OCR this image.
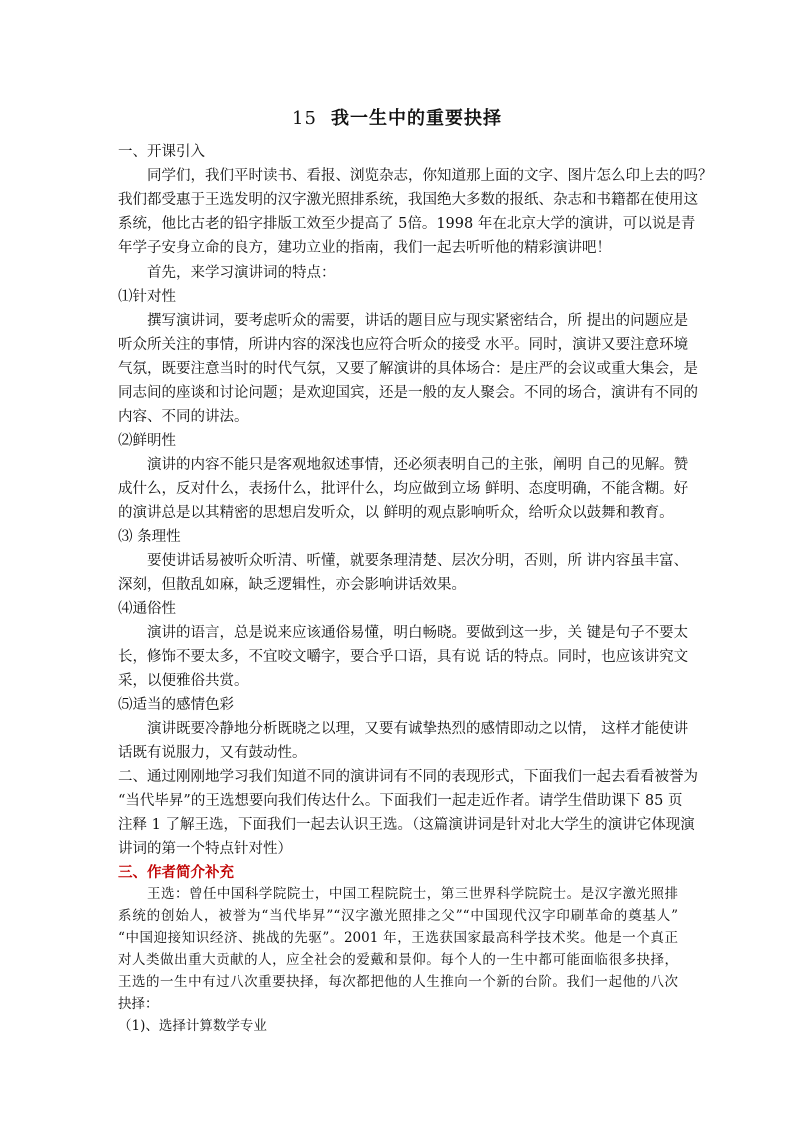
15 我一生中的重要抉择
一、开课引入
同学们，我们平时读书、看报、浏览杂志，你知道那上面的文字、图片怎么印上去的吗？
我们都受惠于王选发明的汉字激光照排系统，我国绝大多数的报纸、杂志和书籍都在使用这
系统，他比古老的铅字排版工效至少提高了 5倍。1998 年在北京大学的演讲，可以说是青
年学子安身立命的良方，建功立业的指南，我们一起去听听他的精彩演讲吧！
首先，来学习演讲词的特点：
⑴针对性
撰写演讲词，要考虑听众的需要，讲话的题目应与现实紧密结合，所 提出的问题应是
听众所关注的事情，所讲内容的深浅也应符合听众的接受 水平。同时，演讲又要注意环境
气氛，既要注意当时的时代气氛，又要了解演讲的具体场合：是庄严的会议或重大集会，是
同志间的座谈和讨论问题；是欢迎国宾，还是一般的友人聚会。不同的场合，演讲有不同的
内容、不同的讲法。
⑵鲜明性
演讲的内容不能只是客观地叙述事情，还必须表明自己的主张，阐明 自己的见解。赞
成什么，反对什么，表扬什么，批评什么，均应做到立场 鲜明、态度明确，不能含糊。好
的演讲总是以其精密的思想启发听众，以 鲜明的观点影响听众，给听众以鼓舞和教育。
⑶ 条理性
要使讲话易被听众听清、听懂，就要条理清楚、层次分明，否则，所 讲内容虽丰富、
深刻，但散乱如麻，缺乏逻辑性，亦会影响讲话效果。
⑷通俗性
演讲的语言，总是说来应该通俗易懂，明白畅晓。要做到这一步，关 键是句子不要太
长，修饰不要太多，不宜咬文嚼字，要合乎口语，具有说 话的特点。同时，也应该讲究文
采，以便雅俗共赏。
⑸适当的感情色彩
演讲既要冷静地分析既晓之以理，又要有诚挚热烈的感情即动之以情， 这样才能使讲
话既有说服力，又有鼓动性。
二、通过刚刚地学习我们知道不同的演讲词有不同的表现形式，下面我们一起去看看被誉为
“当代毕昇”的王选想要向我们传达什么。下面我们一起走近作者。请学生借助课下 85 页
注释 1 了解王选，下面我们一起去认识王选。（这篇演讲词是针对北大学生的演讲它体现演
讲词的第一个特点针对性）
三、作者简介补充
王选：曾任中国科学院院士，中国工程院院士，第三世界科学院院士。是汉字激光照排
系统的创始人，被誉为“当代毕昇”“汉字激光照排之父”“中国现代汉字印刷革命的奠基人”
“中国迎接知识经济、挑战的先驱”。2001 年，王选获国家最高科学技术奖。他是一个真正
对人类做出重大贡献的人，应全社会的爱戴和景仰。每个人的一生中都可能面临很多抉择，
王选的一生中有过八次重要抉择，每次都把他的人生推向一个新的台阶。我们一起他的八次
抉择：
（1)、选择计算数学专业
